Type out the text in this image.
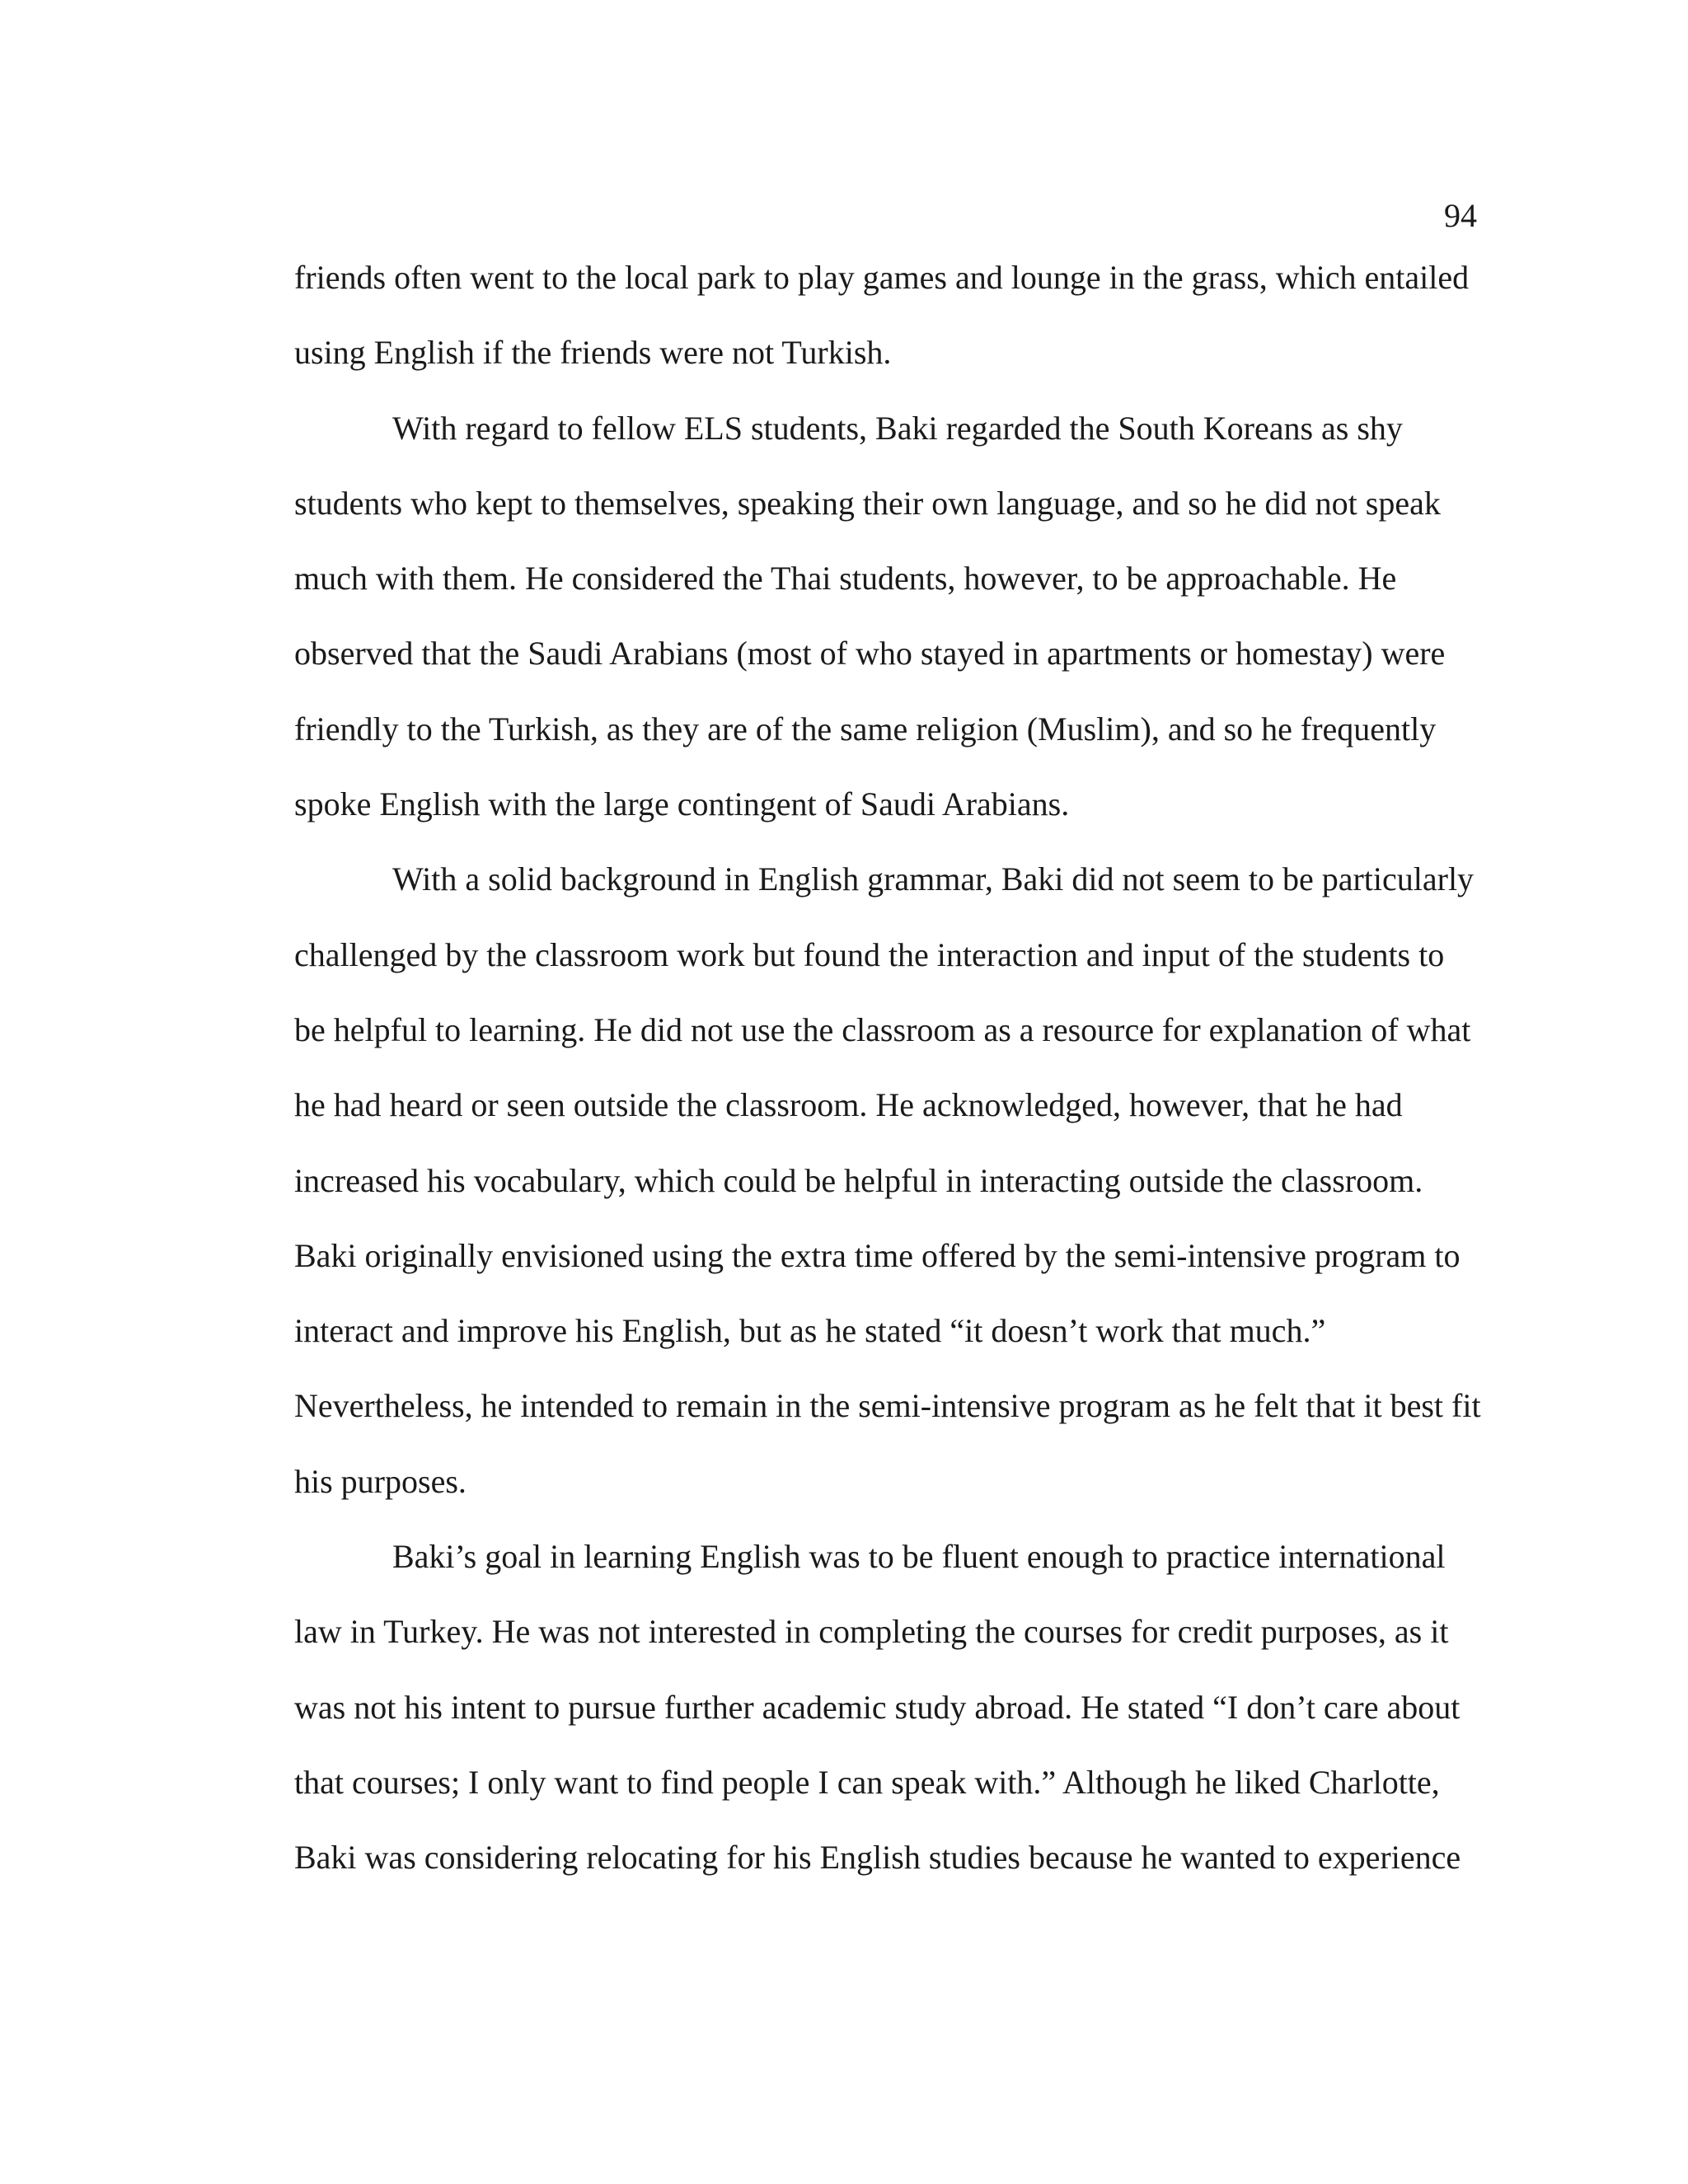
94
friends often went to the local park to play games and lounge in the grass, which entailed
using English if the friends were not Turkish.
With regard to fellow ELS students, Baki regarded the South Koreans as shy
students who kept to themselves, speaking their own language, and so he did not speak
much with them. He considered the Thai students, however, to be approachable. He
observed that the Saudi Arabians (most of who stayed in apartments or homestay) were
friendly to the Turkish, as they are of the same religion (Muslim), and so he frequently
spoke English with the large contingent of Saudi Arabians.
With a solid background in English grammar, Baki did not seem to be particularly
challenged by the classroom work but found the interaction and input of the students to
be helpful to learning. He did not use the classroom as a resource for explanation of what
he had heard or seen outside the classroom. He acknowledged, however, that he had
increased his vocabulary, which could be helpful in interacting outside the classroom.
Baki originally envisioned using the extra time offered by the semi-intensive program to
interact and improve his English, but as he stated “it doesn’t work that much.”
Nevertheless, he intended to remain in the semi-intensive program as he felt that it best fit
his purposes.
Baki’s goal in learning English was to be fluent enough to practice international
law in Turkey. He was not interested in completing the courses for credit purposes, as it
was not his intent to pursue further academic study abroad. He stated “I don’t care about
that courses; I only want to find people I can speak with.” Although he liked Charlotte,
Baki was considering relocating for his English studies because he wanted to experience
